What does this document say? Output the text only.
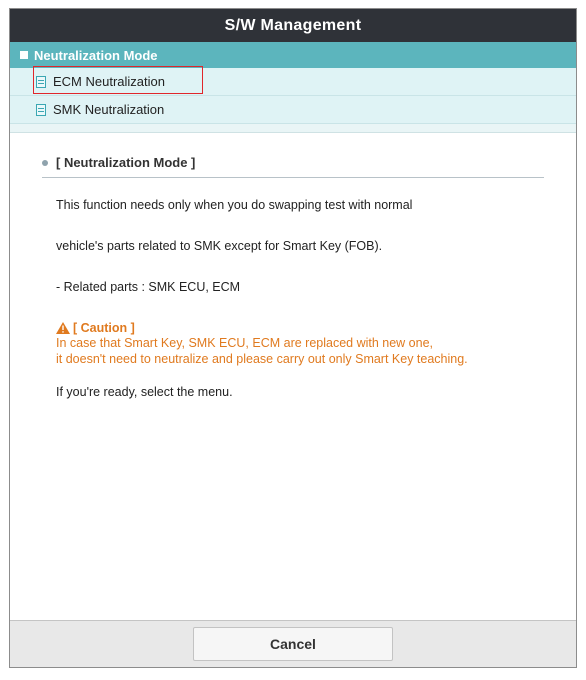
S/W Management
Neutralization Mode
ECM Neutralization
SMK Neutralization
[ Neutralization Mode ]

This function needs only when you do swapping test with normal

vehicle's parts related to SMK except for Smart Key (FOB).

- Related parts : SMK ECU, ECM

[ Caution ]
In case that Smart Key, SMK ECU, ECM are replaced with new one,
it doesn't need to neutralize and please carry out only Smart Key teaching.
If you're ready, select the menu.
Cancel
